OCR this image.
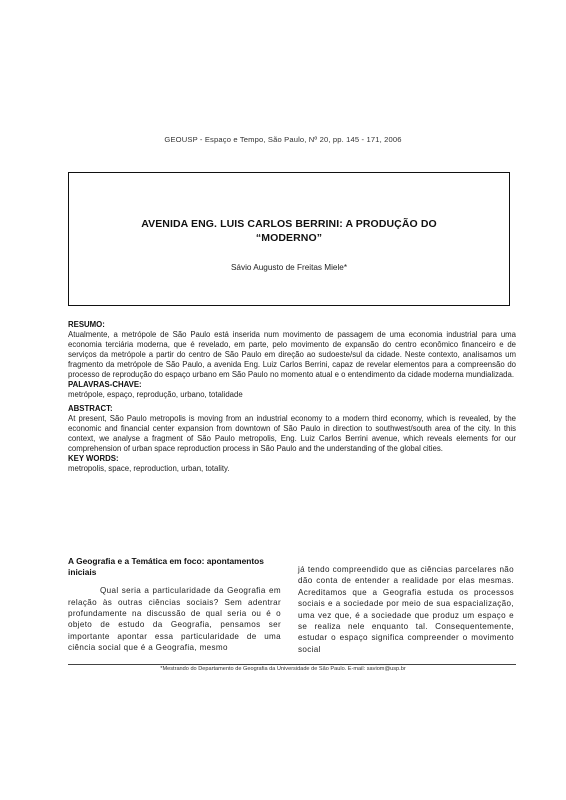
GEOUSP - Espaço e Tempo, São Paulo, Nº 20, pp. 145 - 171, 2006
AVENIDA ENG. LUIS CARLOS BERRINI: A PRODUÇÃO DO
“MODERNO”
Sávio Augusto de Freitas Miele*
RESUMO:
Atualmente, a metrópole de São Paulo está inserida num movimento de passagem de uma economia industrial para uma economia terciária moderna, que é revelado, em parte, pelo movimento de expansão do centro econômico financeiro e de serviços da metrópole a partir do centro de São Paulo em direção ao sudoeste/sul da cidade. Neste contexto, analisamos um fragmento da metrópole de São Paulo, a avenida Eng. Luiz Carlos Berrini, capaz de revelar elementos para a compreensão do processo de reprodução do espaço urbano em São Paulo no momento atual e o entendimento da cidade moderna mundializada.
PALAVRAS-CHAVE:
metrópole, espaço, reprodução, urbano, totalidade
ABSTRACT:
At present, São Paulo metropolis is moving from an industrial economy to a modern third economy, which is revealed, by the economic and financial center expansion from downtown of São Paulo in direction to southwest/south area of the city. In this context, we analyse a fragment of São Paulo metropolis, Eng. Luiz Carlos Berrini avenue, which reveals elements for our comprehension of urban space reproduction process in São Paulo and the understanding of the global cities.
KEY WORDS:
metropolis, space, reproduction, urban, totality.
A Geografia e a Temática em foco: apontamentos iniciais
Qual seria a particularidade da Geografia em relação às outras ciências sociais? Sem adentrar profundamente na discussão de qual seria ou é o objeto de estudo da Geografia, pensamos ser importante apontar essa particularidade de uma ciência social que é a Geografia, mesmo
já tendo compreendido que as ciências parcelares não dão conta de entender a realidade por elas mesmas. Acreditamos que a Geografia estuda os processos sociais e a sociedade por meio de sua espacialização, uma vez que, é a sociedade que produz um espaço e se realiza nele enquanto tal. Consequentemente, estudar o espaço significa compreender o movimento social
*Mestrando do Departamento de Geografia da Universidade de São Paulo. E-mail: saviom@usp.br
